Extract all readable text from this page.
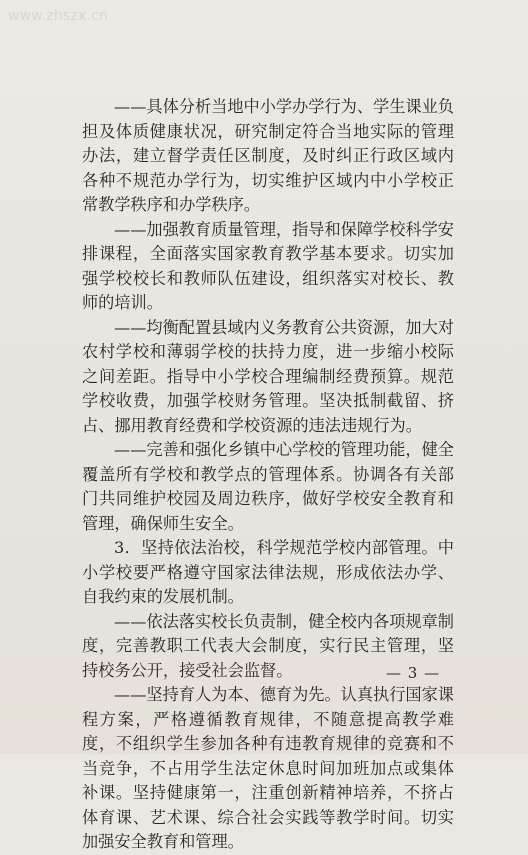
www.zhszx.cn

——具体分析当地中小学办学行为、学生课业负担及体质健康状况，研究制定符合当地实际的管理办法，建立督学责任区制度，及时纠正行政区域内各种不规范办学行为，切实维护区域内中小学校正常教学秩序和办学秩序。

——加强教育质量管理，指导和保障学校科学安排课程，全面落实国家教育教学基本要求。切实加强学校校长和教师队伍建设，组织落实对校长、教师的培训。

——均衡配置县域内义务教育公共资源，加大对农村学校和薄弱学校的扶持力度，进一步缩小校际之间差距。指导中小学校合理编制经费预算。规范学校收费，加强学校财务管理。坚决抵制截留、挤占、挪用教育经费和学校资源的违法违规行为。

——完善和强化乡镇中心学校的管理功能，健全覆盖所有学校和教学点的管理体系。协调各有关部门共同维护校园及周边秩序，做好学校安全教育和管理，确保师生安全。

3．坚持依法治校，科学规范学校内部管理。中小学校要严格遵守国家法律法规，形成依法办学、自我约束的发展机制。

——依法落实校长负责制，健全校内各项规章制度，完善教职工代表大会制度，实行民主管理，坚持校务公开，接受社会监督。

——坚持育人为本、德育为先。认真执行国家课程方案，严格遵循教育规律，不随意提高教学难度，不组织学生参加各种有违教育规律的竞赛和不当竞争，不占用学生法定休息时间加班加点或集体补课。坚持健康第一，注重创新精神培养，不挤占体育课、艺术课、综合社会实践等教学时间。切实加强安全教育和管理。

— 3 —
